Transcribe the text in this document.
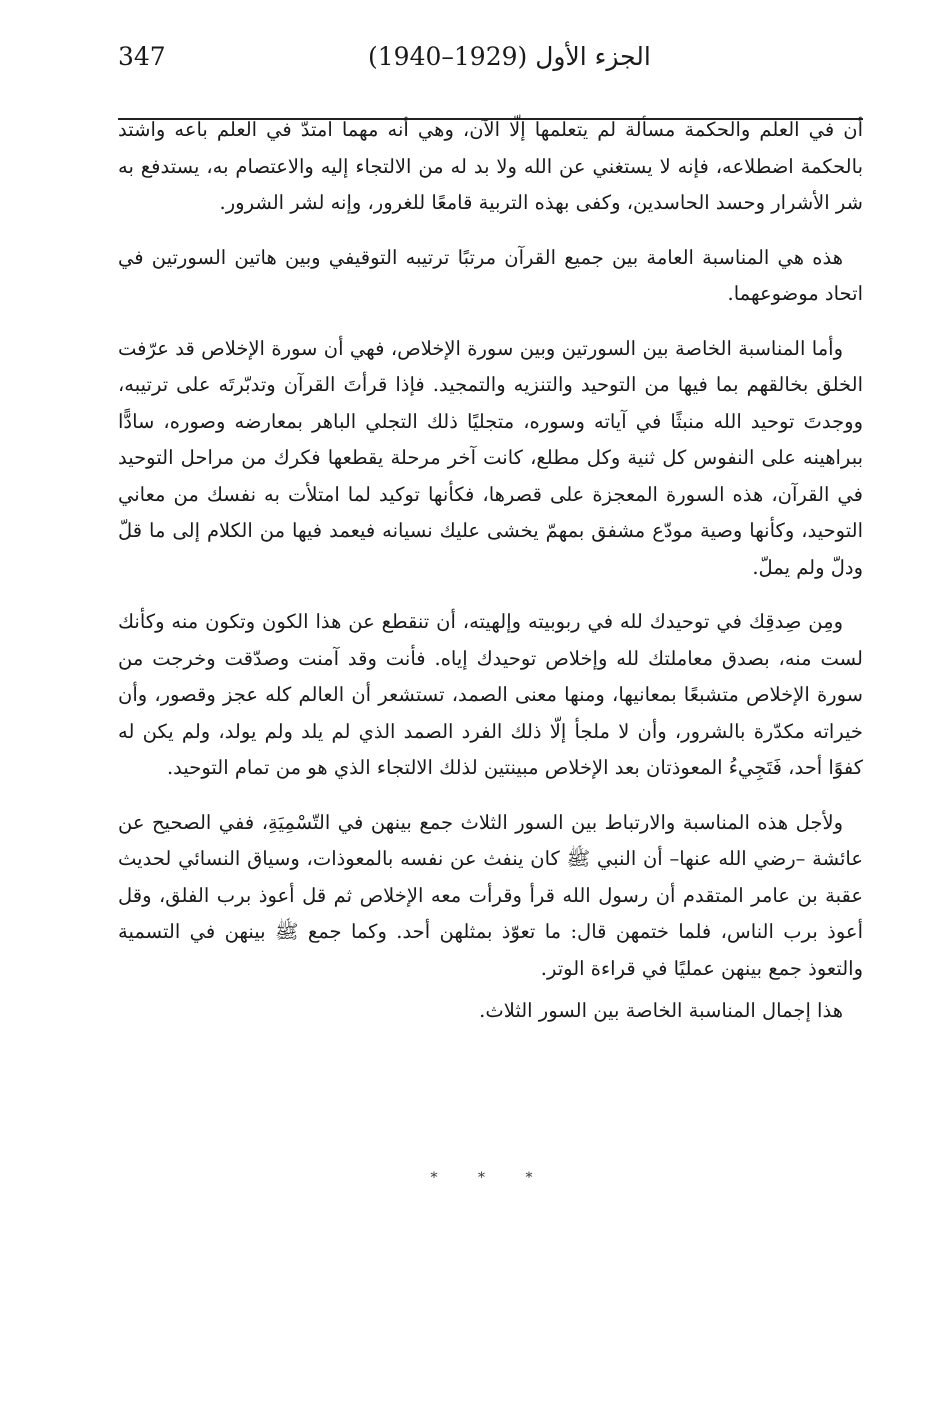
347	الجزء الأول (1929–1940)

أن في العلم والحكمة مسألة لم يتعلمها إلّا الآن، وهي أنه مهما امتدّ في العلم باعه واشتد بالحكمة اضطلاعه، فإنه لا يستغني عن الله ولا بد له من الالتجاء إليه والاعتصام به، يستدفع به شر الأشرار وحسد الحاسدين، وكفى بهذه التربية قامعًا للغرور، وإنه لشر الشرور.

هذه هي المناسبة العامة بين جميع القرآن مرتبًا ترتيبه التوقيفي وبين هاتين السورتين في اتحاد موضوعهما.

وأما المناسبة الخاصة بين السورتين وبين سورة الإخلاص، فهي أن سورة الإخلاص قد عرّفت الخلق بخالقهم بما فيها من التوحيد والتنزيه والتمجيد. فإذا قرأتَ القرآن وتدبّرتَه على ترتيبه، ووجدتَ توحيد الله منبثًا في آياته وسوره، متجليًا ذلك التجلي الباهر بمعارضه وصوره، سادًّا ببراهينه على النفوس كل ثنية وكل مطلع، كانت آخر مرحلة يقطعها فكرك من مراحل التوحيد في القرآن، هذه السورة المعجزة على قصرها، فكأنها توكيد لما امتلأت به نفسك من معاني التوحيد، وكأنها وصية مودّع مشفق بمهمّ يخشى عليك نسيانه فيعمد فيها من الكلام إلى ما قلّ ودلّ ولم يملّ.

ومِن صِدقِك في توحيدك لله في ربوبيته وإلهيته، أن تنقطع عن هذا الكون وتكون منه وكأنك لست منه، بصدق معاملتك لله وإخلاص توحيدك إياه. فأنت وقد آمنت وصدّقت وخرجت من سورة الإخلاص متشبعًا بمعانيها، ومنها معنى الصمد، تستشعر أن العالم كله عجز وقصور، وأن خيراته مكدّرة بالشرور، وأن لا ملجأ إلّا ذلك الفرد الصمد الذي لم يلد ولم يولد، ولم يكن له كفوًا أحد، فَتَجِيءُ المعوذتان بعد الإخلاص مبينتين لذلك الالتجاء الذي هو من تمام التوحيد.

ولأجل هذه المناسبة والارتباط بين السور الثلاث جمع بينهن في التّسْمِيَةِ، ففي الصحيح عن عائشة –رضي الله عنها– أن النبي ﷺ كان ينفث عن نفسه بالمعوذات، وسياق النسائي لحديث عقبة بن عامر المتقدم أن رسول الله قرأ وقرأت معه الإخلاص ثم قل أعوذ برب الفلق، وقل أعوذ برب الناس، فلما ختمهن قال: ما تعوّذ بمثلهن أحد. وكما جمع ﷺ بينهن في التسمية والتعوذ جمع بينهن عمليًا في قراءة الوتر.

هذا إجمال المناسبة الخاصة بين السور الثلاث.

* * *
